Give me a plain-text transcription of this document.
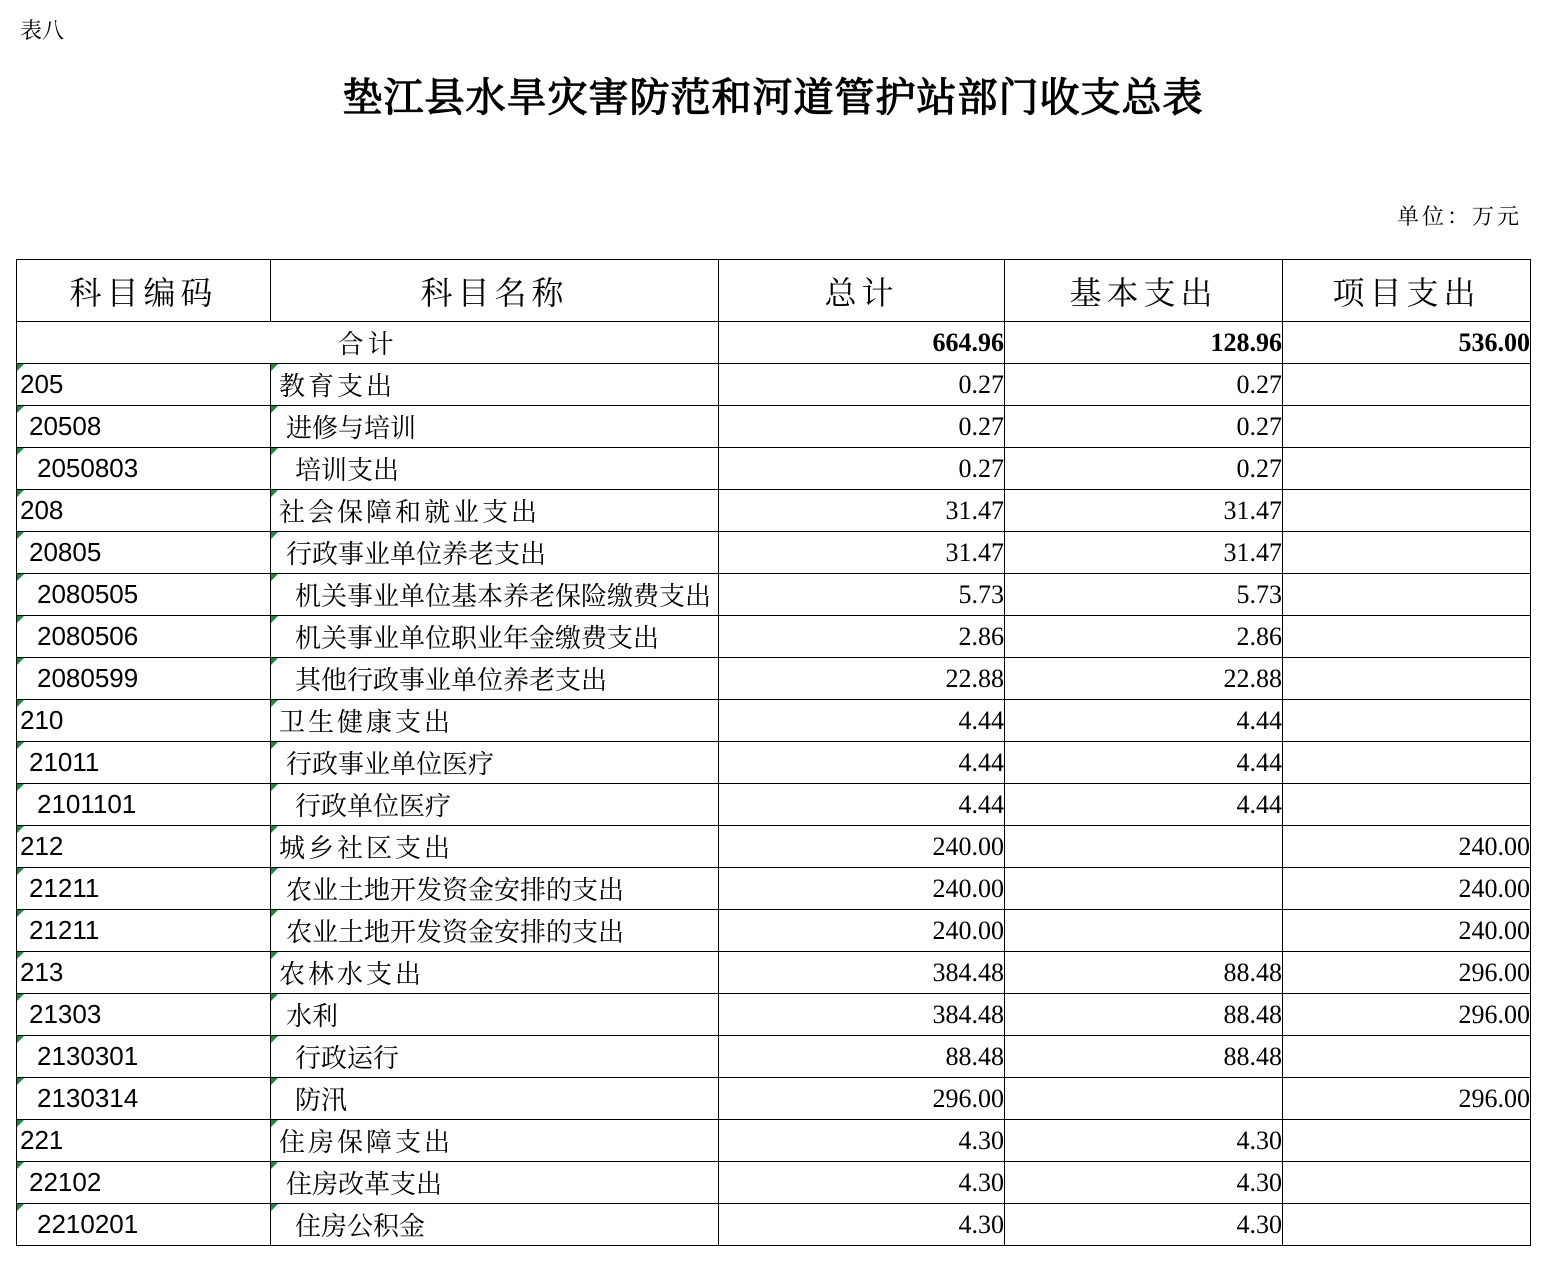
表八
垫江县水旱灾害防范和河道管护站部门收支总表
单位：万元
科目编码	科目名称	总计	基本支出	项目支出
合计		664.96	128.96	536.00
205	教育支出	0.27	0.27	
20508	进修与培训	0.27	0.27	
2050803	培训支出	0.27	0.27	
208	社会保障和就业支出	31.47	31.47	
20805	行政事业单位养老支出	31.47	31.47	
2080505	机关事业单位基本养老保险缴费支出	5.73	5.73	
2080506	机关事业单位职业年金缴费支出	2.86	2.86	
2080599	其他行政事业单位养老支出	22.88	22.88	
210	卫生健康支出	4.44	4.44	
21011	行政事业单位医疗	4.44	4.44	
2101101	行政单位医疗	4.44	4.44	
212	城乡社区支出	240.00		240.00
21211	农业土地开发资金安排的支出	240.00		240.00
21211	农业土地开发资金安排的支出	240.00		240.00
213	农林水支出	384.48	88.48	296.00
21303	水利	384.48	88.48	296.00
2130301	行政运行	88.48	88.48	
2130314	防汛	296.00		296.00
221	住房保障支出	4.30	4.30	
22102	住房改革支出	4.30	4.30	
2210201	住房公积金	4.30	4.30	
